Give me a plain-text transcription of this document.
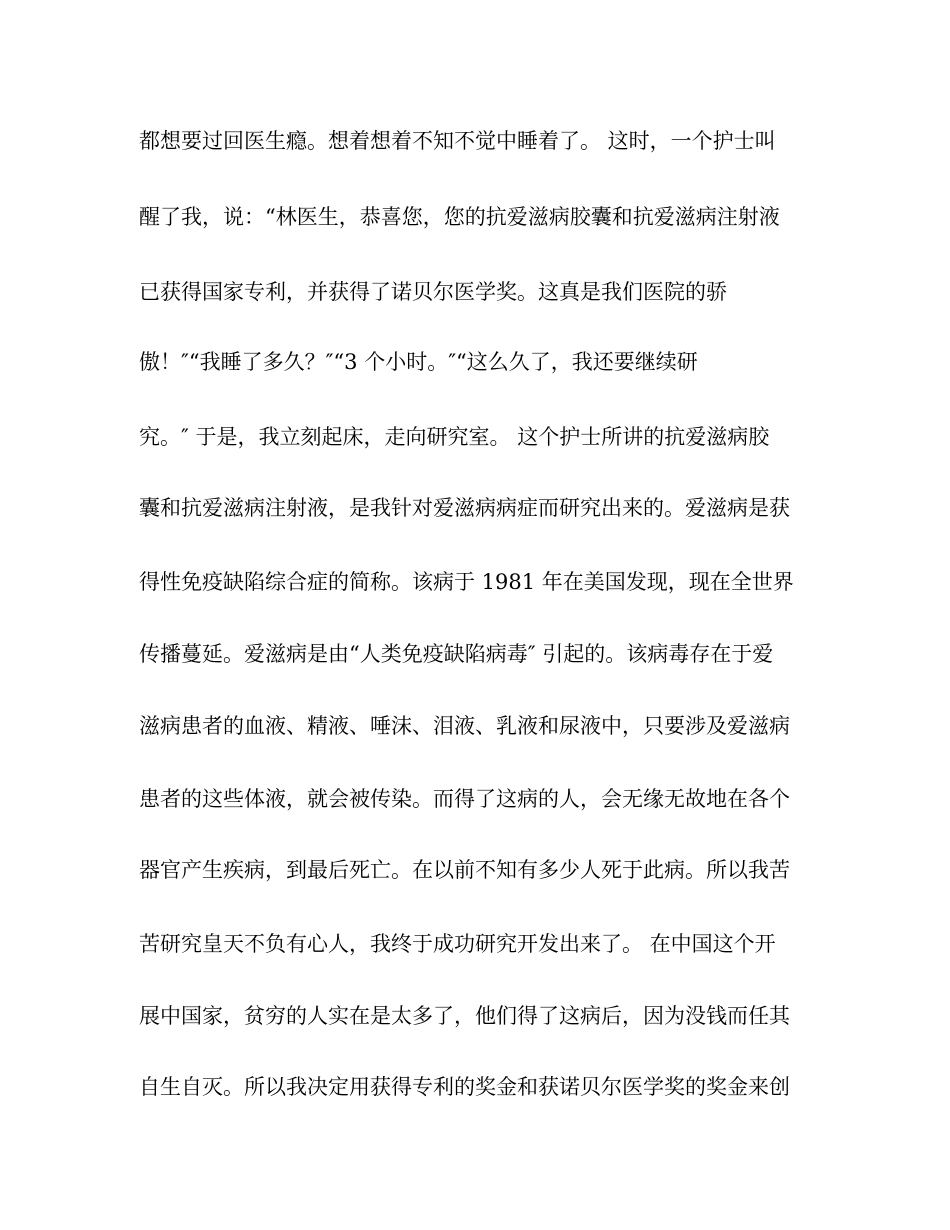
都想要过回医生瘾。想着想着不知不觉中睡着了。 这时，一个护士叫
醒了我，说：“林医生，恭喜您，您的抗爱滋病胶囊和抗爱滋病注射液
已获得国家专利，并获得了诺贝尔医学奖。这真是我们医院的骄
傲！″“我睡了多久？″“3 个小时。″“这么久了，我还要继续研
究。″ 于是，我立刻起床，走向研究室。 这个护士所讲的抗爱滋病胶
囊和抗爱滋病注射液，是我针对爱滋病病症而研究出来的。爱滋病是获
得性免疫缺陷综合症的简称。该病于 1981 年在美国发现，现在全世界
传播蔓延。爱滋病是由“人类免疫缺陷病毒″ 引起的。该病毒存在于爱
滋病患者的血液、精液、唾沫、泪液、乳液和尿液中，只要涉及爱滋病
患者的这些体液，就会被传染。而得了这病的人，会无缘无故地在各个
器官产生疾病，到最后死亡。在以前不知有多少人死于此病。所以我苦
苦研究皇天不负有心人，我终于成功研究开发出来了。 在中国这个开
展中国家，贫穷的人实在是太多了，他们得了这病后，因为没钱而任其
自生自灭。所以我决定用获得专利的奖金和获诺贝尔医学奖的奖金来创
